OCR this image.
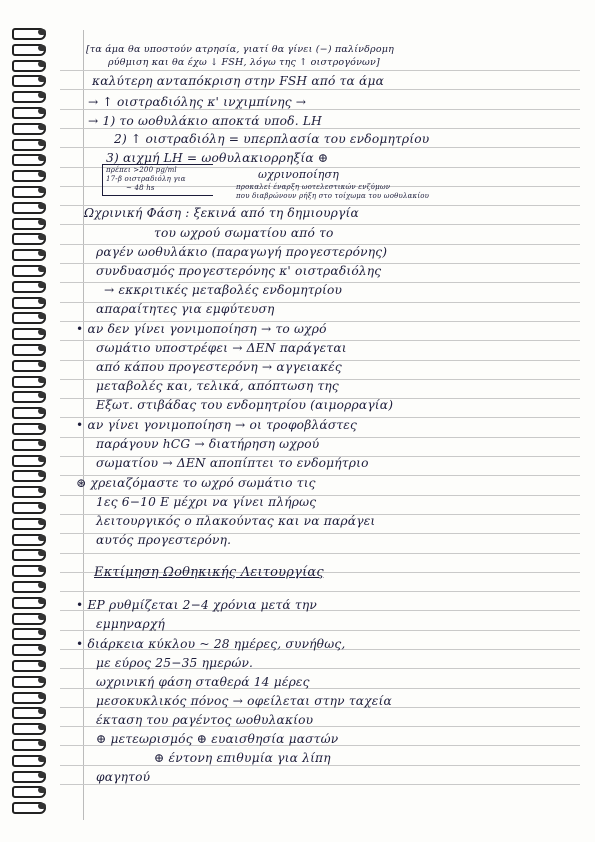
[τα άμα θα υποστούν ατρησία, γιατί θα γίνει (−) παλίνδρομη
ρύθμιση και θα έχω ↓ FSH, λόγω της ↑ οιστρογόνων]
καλύτερη ανταπόκριση στην FSH από τα άμα
→ ↑ οιστραδιόλης κ' ινχιμπίνης →
→ 1) το ωοθυλάκιο αποκτά υποδ. LH
2) ↑ οιστραδιόλη = υπερπλασία του ενδομητρίου
3) αιχμή LH = ωοθυλακιορρηξία ⊕
πρέπει >200 pg/ml
17-β οιστραδιόλη για
~ 48 hs
ωχρινοποίηση
προκαλεί έναρξη ωοτελεστικών ενζύμων
που διαβρώνουν ρήξη στο τοίχωμα του ωοθυλακίου
Ωχρινική Φάση : ξεκινά από τη δημιουργία
του ωχρού σωματίου από το
ραγέν ωοθυλάκιο (παραγωγή προγεστερόνης)
συνδυασμός προγεστερόνης κ' οιστραδιόλης
→ εκκριτικές μεταβολές ενδομητρίου
απαραίτητες για εμφύτευση
• αν δεν γίνει γονιμοποίηση → το ωχρό
σωμάτιο υποστρέφει → ΔΕΝ παράγεται
από κάπου προγεστερόνη → αγγειακές
μεταβολές και, τελικά, απόπτωση της
Εξωτ. στιβάδας του ενδομητρίου (αιμορραγία)
• αν γίνει γονιμοποίηση → οι τροφοβλάστες
παράγουν hCG → διατήρηση ωχρού
σωματίου → ΔΕΝ αποπίπτει το ενδομήτριο
⊛ χρειαζόμαστε το ωχρό σωμάτιο τις
1ες 6−10 Ε μέχρι να γίνει πλήρως
λειτουργικός ο πλακούντας και να παράγει
αυτός προγεστερόνη.
Εκτίμηση Ωοθηκικής Λειτουργίας
• ΕΡ ρυθμίζεται 2−4 χρόνια μετά την
εμμηναρχή
• διάρκεια κύκλου ~ 28 ημέρες, συνήθως,
με εύρος 25−35 ημερών.
ωχρινική φάση σταθερά 14 μέρες
μεσοκυκλικός πόνος → οφείλεται στην ταχεία
έκταση του ραγέντος ωοθυλακίου
⊕ μετεωρισμός ⊕ ευαισθησία μαστών
⊕ έντονη επιθυμία για λίπη
φαγητού
